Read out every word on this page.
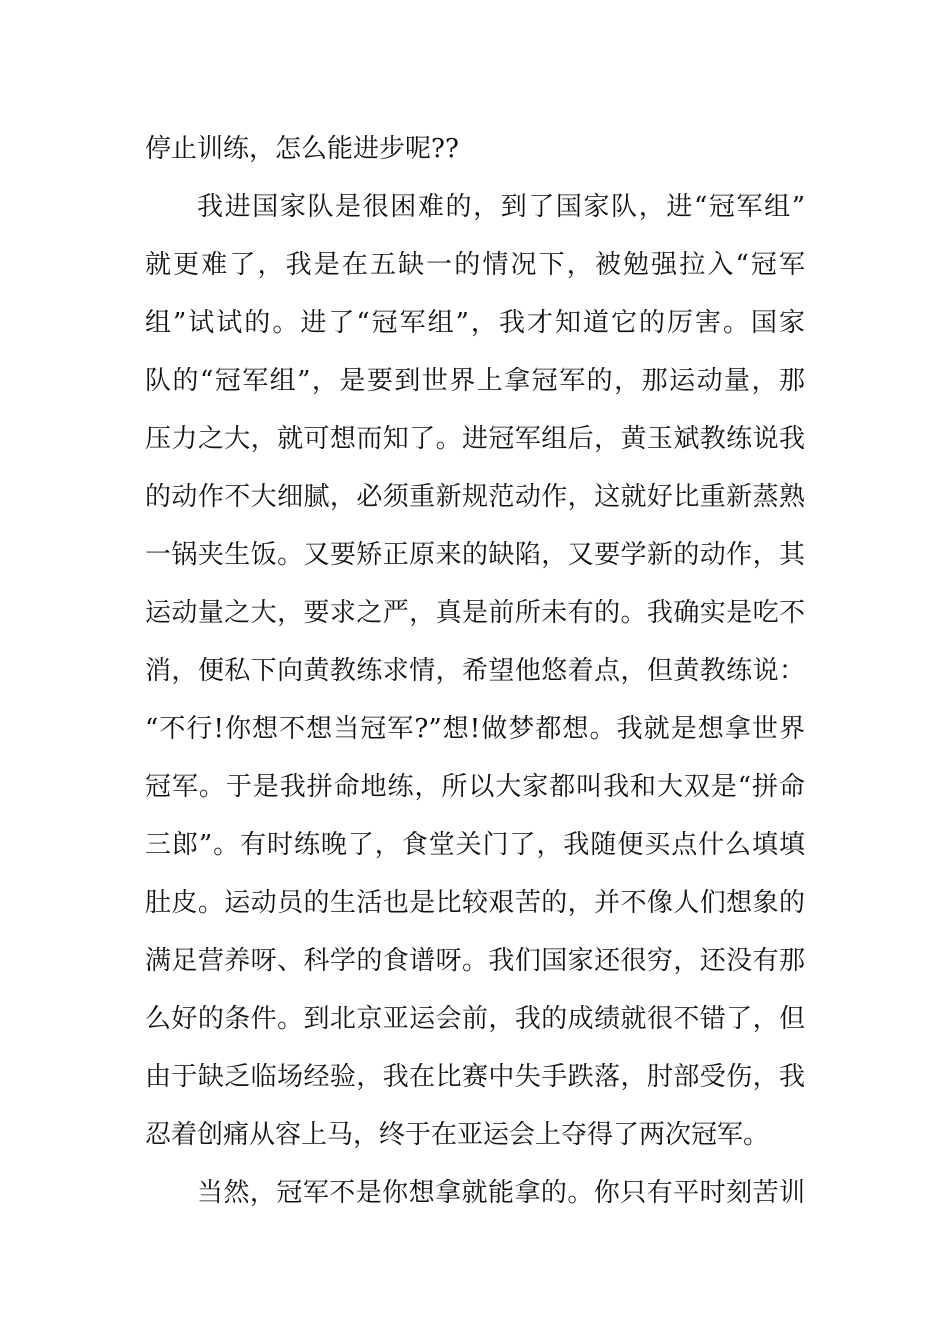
停止训练，怎么能进步呢??
我进国家队是很困难的，到了国家队，进“冠军组”
就更难了，我是在五缺一的情况下，被勉强拉入“冠军
组”试试的。进了“冠军组”，我才知道它的厉害。国家
队的“冠军组”，是要到世界上拿冠军的，那运动量，那
压力之大，就可想而知了。进冠军组后，黄玉斌教练说我
的动作不大细腻，必须重新规范动作，这就好比重新蒸熟
一锅夹生饭。又要矫正原来的缺陷，又要学新的动作，其
运动量之大，要求之严，真是前所未有的。我确实是吃不
消，便私下向黄教练求情，希望他悠着点，但黄教练说：
“不行!你想不想当冠军?”想!做梦都想。我就是想拿世界
冠军。于是我拼命地练，所以大家都叫我和大双是“拼命
三郎”。有时练晚了，食堂关门了，我随便买点什么填填
肚皮。运动员的生活也是比较艰苦的，并不像人们想象的
满足营养呀、科学的食谱呀。我们国家还很穷，还没有那
么好的条件。到北京亚运会前，我的成绩就很不错了，但
由于缺乏临场经验，我在比赛中失手跌落，肘部受伤，我
忍着创痛从容上马，终于在亚运会上夺得了两次冠军。
当然，冠军不是你想拿就能拿的。你只有平时刻苦训
